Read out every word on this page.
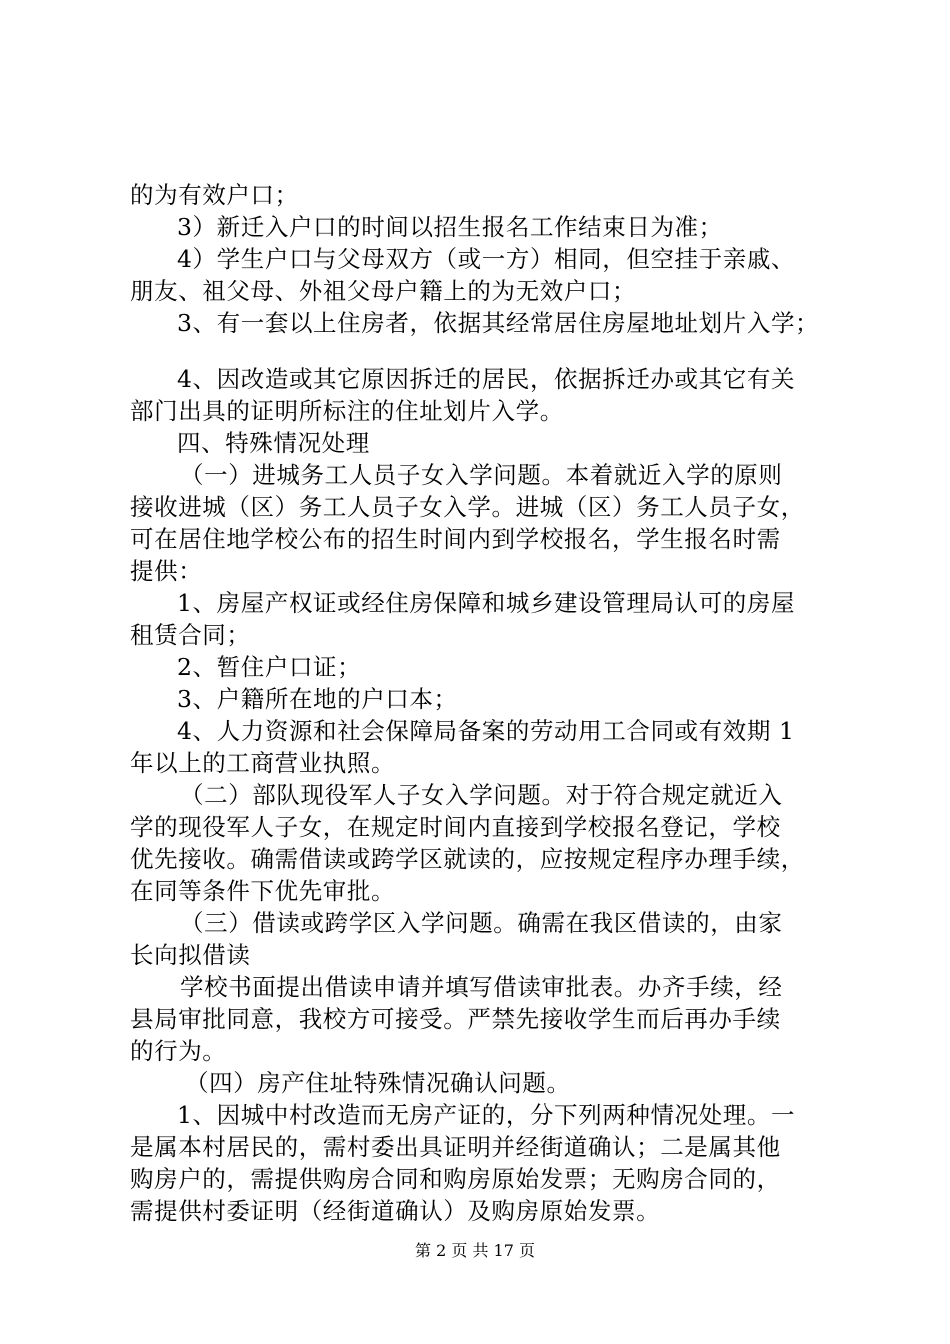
的为有效户口；
3）新迁入户口的时间以招生报名工作结束日为准；
4）学生户口与父母双方（或一方）相同，但空挂于亲戚、
朋友、祖父母、外祖父母户籍上的为无效户口；
3、有一套以上住房者，依据其经常居住房屋地址划片入学；
4、因改造或其它原因拆迁的居民，依据拆迁办或其它有关
部门出具的证明所标注的住址划片入学。
四、特殊情况处理
（一）进城务工人员子女入学问题。本着就近入学的原则
接收进城（区）务工人员子女入学。进城（区）务工人员子女，
可在居住地学校公布的招生时间内到学校报名，学生报名时需
提供：
1、房屋产权证或经住房保障和城乡建设管理局认可的房屋
租赁合同；
2、暂住户口证；
3、户籍所在地的户口本；
4、人力资源和社会保障局备案的劳动用工合同或有效期 1
年以上的工商营业执照。
（二）部队现役军人子女入学问题。对于符合规定就近入
学的现役军人子女，在规定时间内直接到学校报名登记，学校
优先接收。确需借读或跨学区就读的，应按规定程序办理手续，
在同等条件下优先审批。
（三）借读或跨学区入学问题。确需在我区借读的，由家
长向拟借读
学校书面提出借读申请并填写借读审批表。办齐手续，经
县局审批同意，我校方可接受。严禁先接收学生而后再办手续
的行为。
（四）房产住址特殊情况确认问题。
1、因城中村改造而无房产证的，分下列两种情况处理。一
是属本村居民的，需村委出具证明并经街道确认；二是属其他
购房户的，需提供购房合同和购房原始发票；无购房合同的，
需提供村委证明（经街道确认）及购房原始发票。
第 2 页 共 17 页
